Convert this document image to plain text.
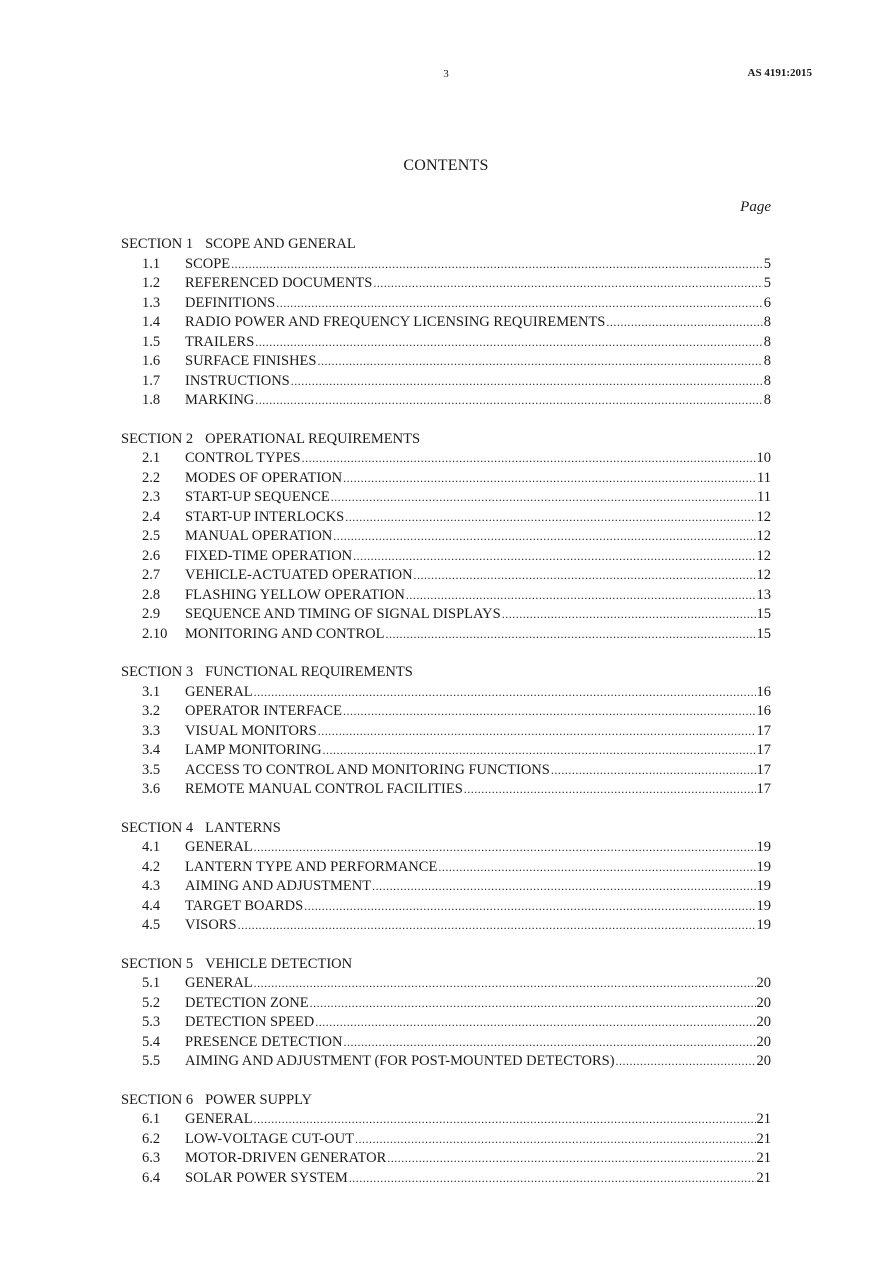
3	AS 4191:2015
CONTENTS
Page
SECTION 1 SCOPE AND GENERAL
1.1	SCOPE .....	5
1.2	REFERENCED DOCUMENTS .....	5
1.3	DEFINITIONS .....	6
1.4	RADIO POWER AND FREQUENCY LICENSING REQUIREMENTS .....	8
1.5	TRAILERS .....	8
1.6	SURFACE FINISHES .....	8
1.7	INSTRUCTIONS .....	8
1.8	MARKING .....	8
SECTION 2 OPERATIONAL REQUIREMENTS
2.1	CONTROL TYPES .....	10
2.2	MODES OF OPERATION .....	11
2.3	START-UP SEQUENCE .....	11
2.4	START-UP INTERLOCKS .....	12
2.5	MANUAL OPERATION .....	12
2.6	FIXED-TIME OPERATION .....	12
2.7	VEHICLE-ACTUATED OPERATION .....	12
2.8	FLASHING YELLOW OPERATION .....	13
2.9	SEQUENCE AND TIMING OF SIGNAL DISPLAYS .....	15
2.10	MONITORING AND CONTROL .....	15
SECTION 3 FUNCTIONAL REQUIREMENTS
3.1	GENERAL .....	16
3.2	OPERATOR INTERFACE .....	16
3.3	VISUAL MONITORS .....	17
3.4	LAMP MONITORING .....	17
3.5	ACCESS TO CONTROL AND MONITORING FUNCTIONS .....	17
3.6	REMOTE MANUAL CONTROL FACILITIES .....	17
SECTION 4 LANTERNS
4.1	GENERAL .....	19
4.2	LANTERN TYPE AND PERFORMANCE .....	19
4.3	AIMING AND ADJUSTMENT .....	19
4.4	TARGET BOARDS .....	19
4.5	VISORS .....	19
SECTION 5 VEHICLE DETECTION
5.1	GENERAL .....	20
5.2	DETECTION ZONE .....	20
5.3	DETECTION SPEED .....	20
5.4	PRESENCE DETECTION .....	20
5.5	AIMING AND ADJUSTMENT (FOR POST-MOUNTED DETECTORS) .....	20
SECTION 6 POWER SUPPLY
6.1	GENERAL .....	21
6.2	LOW-VOLTAGE CUT-OUT .....	21
6.3	MOTOR-DRIVEN GENERATOR .....	21
6.4	SOLAR POWER SYSTEM .....	21
